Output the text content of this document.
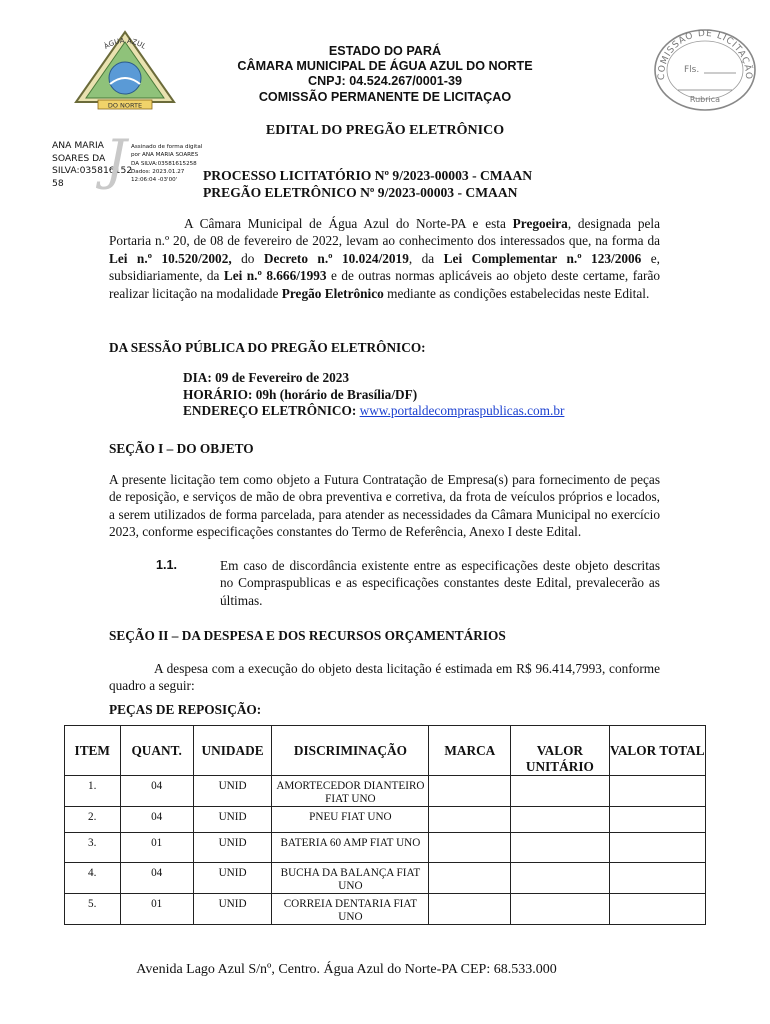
ÁGUA AZUL
DO NORTE
ESTADO DO PARÁ
CÂMARA MUNICIPAL DE ÁGUA AZUL DO NORTE
CNPJ: 04.524.267/0001-39
COMISSÃO PERMANENTE DE LICITAÇAO
COMISSÃO DE LICITAÇÃO
Fls.
Rubrica
EDITAL DO PREGÃO ELETRÔNICO
ANA MARIA
SOARES DA
SILVA:035816152
58 J Assinado de forma digital
por ANA MARIA SOARES
DA SILVA:03581615258
Dados: 2023.01.27
12:06:04 -03'00'	PROCESSO LICITATÓRIO Nº 9/2023-00003 - CMAAN
PREGÃO ELETRÔNICO Nº 9/2023-00003 - CMAAN
A Câmara Municipal de Água Azul do Norte-PA e esta Pregoeira, designada pela Portaria n.º 20, de 08 de fevereiro de 2022, levam ao conhecimento dos interessados que, na forma da Lei n.º 10.520/2002, do Decreto n.º 10.024/2019, da Lei Complementar n.º 123/2006 e, subsidiariamente, da Lei n.º 8.666/1993 e de outras normas aplicáveis ao objeto deste certame, farão realizar licitação na modalidade Pregão Eletrônico mediante as condições estabelecidas neste Edital.
DA SESSÃO PÚBLICA DO PREGÃO ELETRÔNICO:
DIA: 09 de Fevereiro de 2023
HORÁRIO: 09h (horário de Brasília/DF)
ENDEREÇO ELETRÔNICO: www.portaldecompraspublicas.com.br
SEÇÃO I – DO OBJETO
A presente licitação tem como objeto a Futura Contratação de Empresa(s) para fornecimento de peças de reposição, e serviços de mão de obra preventiva e corretiva, da frota de veículos próprios e locados, a serem utilizados de forma parcelada, para atender as necessidades da Câmara Municipal no exercício 2023, conforme especificações constantes do Termo de Referência, Anexo I deste Edital.
1.1.	Em caso de discordância existente entre as especificações deste objeto descritas no Compraspublicas e as especificações constantes deste Edital, prevalecerão as últimas.
SEÇÃO II – DA DESPESA E DOS RECURSOS ORÇAMENTÁRIOS
A despesa com a execução do objeto desta licitação é estimada em R$ 96.414,7993, conforme quadro a seguir:
PEÇAS DE REPOSIÇÃO:
ITEM	QUANT.	UNIDADE	DISCRIMINAÇÃO	MARCA	VALOR UNITÁRIO	VALOR TOTAL
1.	04	UNID	AMORTECEDOR DIANTEIRO FIAT UNO			
2.	04	UNID	PNEU FIAT UNO			
3.	01	UNID	BATERIA 60 AMP FIAT UNO			
4.	04	UNID	BUCHA DA BALANÇA FIAT UNO			
5.	01	UNID	CORREIA DENTARIA FIAT UNO			
Avenida Lago Azul S/nº, Centro. Água Azul do Norte-PA CEP: 68.533.000
